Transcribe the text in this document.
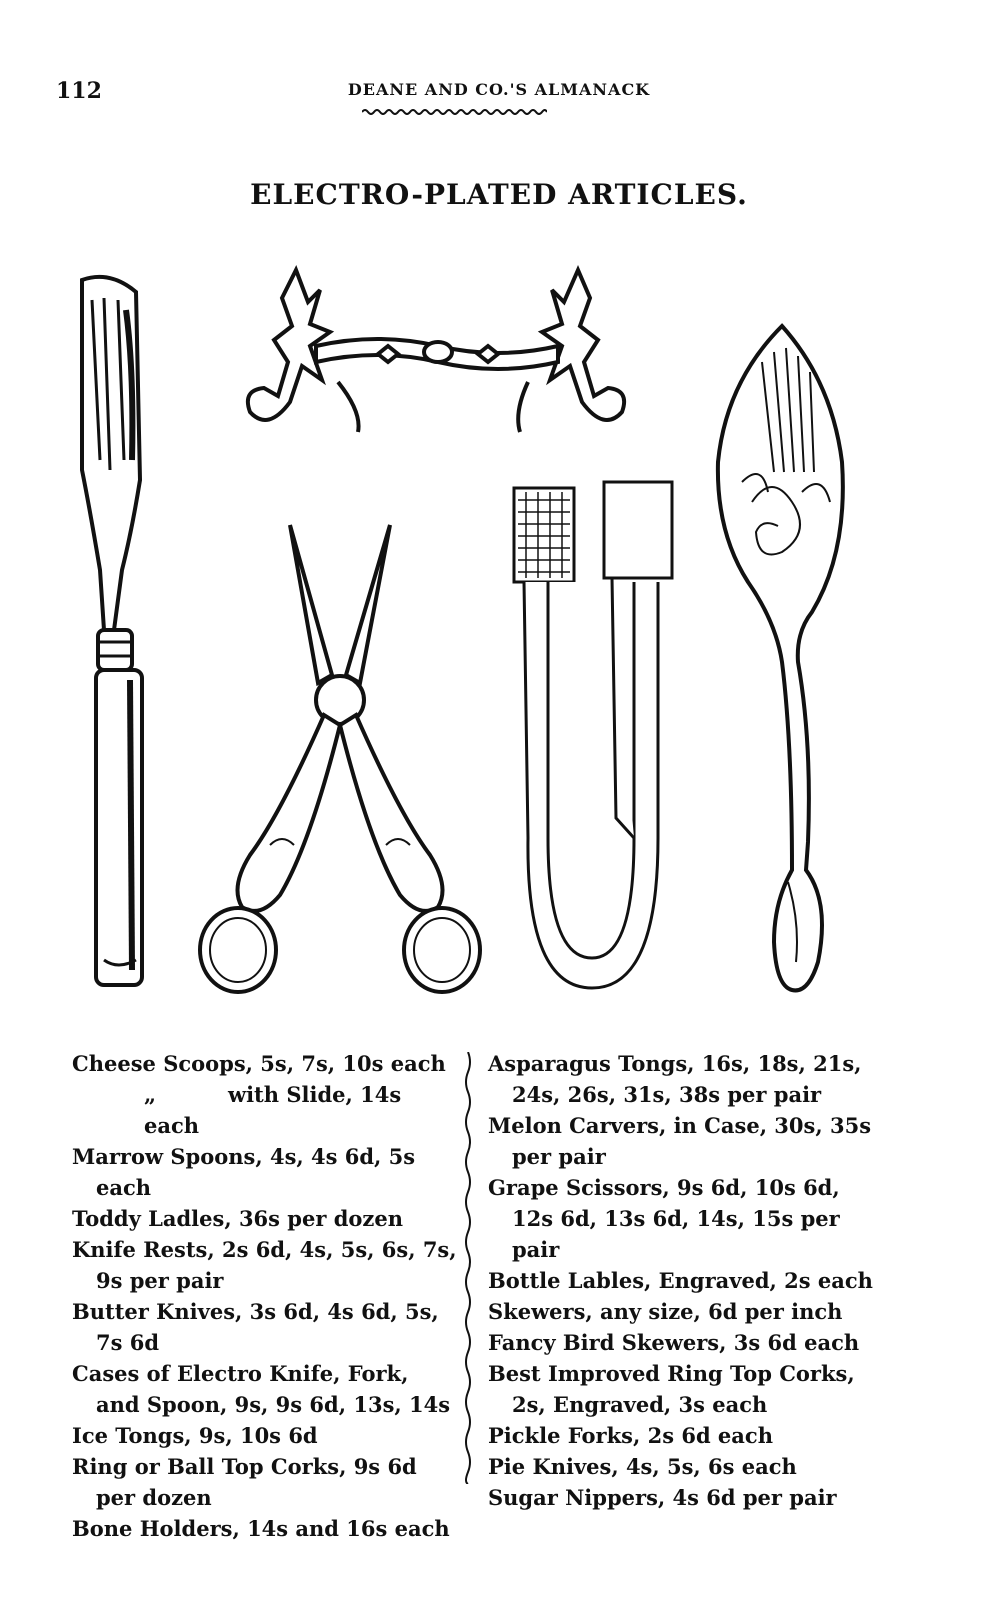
112	DEANE AND CO.'S ALMANACK
ELECTRO-PLATED ARTICLES.

Cheese Scoops, 5s, 7s, 10s each

„	with Slide, 14s each

Marrow Spoons, 4s, 4s 6d, 5s each

Toddy Ladles, 36s per dozen

Knife Rests, 2s 6d, 4s, 5s, 6s, 7s, 9s per pair

Butter Knives, 3s 6d, 4s 6d, 5s, 7s 6d

Cases of Electro Knife, Fork, and Spoon, 9s, 9s 6d, 13s, 14s

Ice Tongs, 9s, 10s 6d

Ring or Ball Top Corks, 9s 6d per dozen

Bone Holders, 14s and 16s each

Asparagus Tongs, 16s, 18s, 21s, 24s, 26s, 31s, 38s per pair

Melon Carvers, in Case, 30s, 35s per pair

Grape Scissors, 9s 6d, 10s 6d, 12s 6d, 13s 6d, 14s, 15s per pair

Bottle Lables, Engraved, 2s each

Skewers, any size, 6d per inch

Fancy Bird Skewers, 3s 6d each

Best Improved Ring Top Corks, 2s, Engraved, 3s each

Pickle Forks, 2s 6d each

Pie Knives, 4s, 5s, 6s each

Sugar Nippers, 4s 6d per pair
